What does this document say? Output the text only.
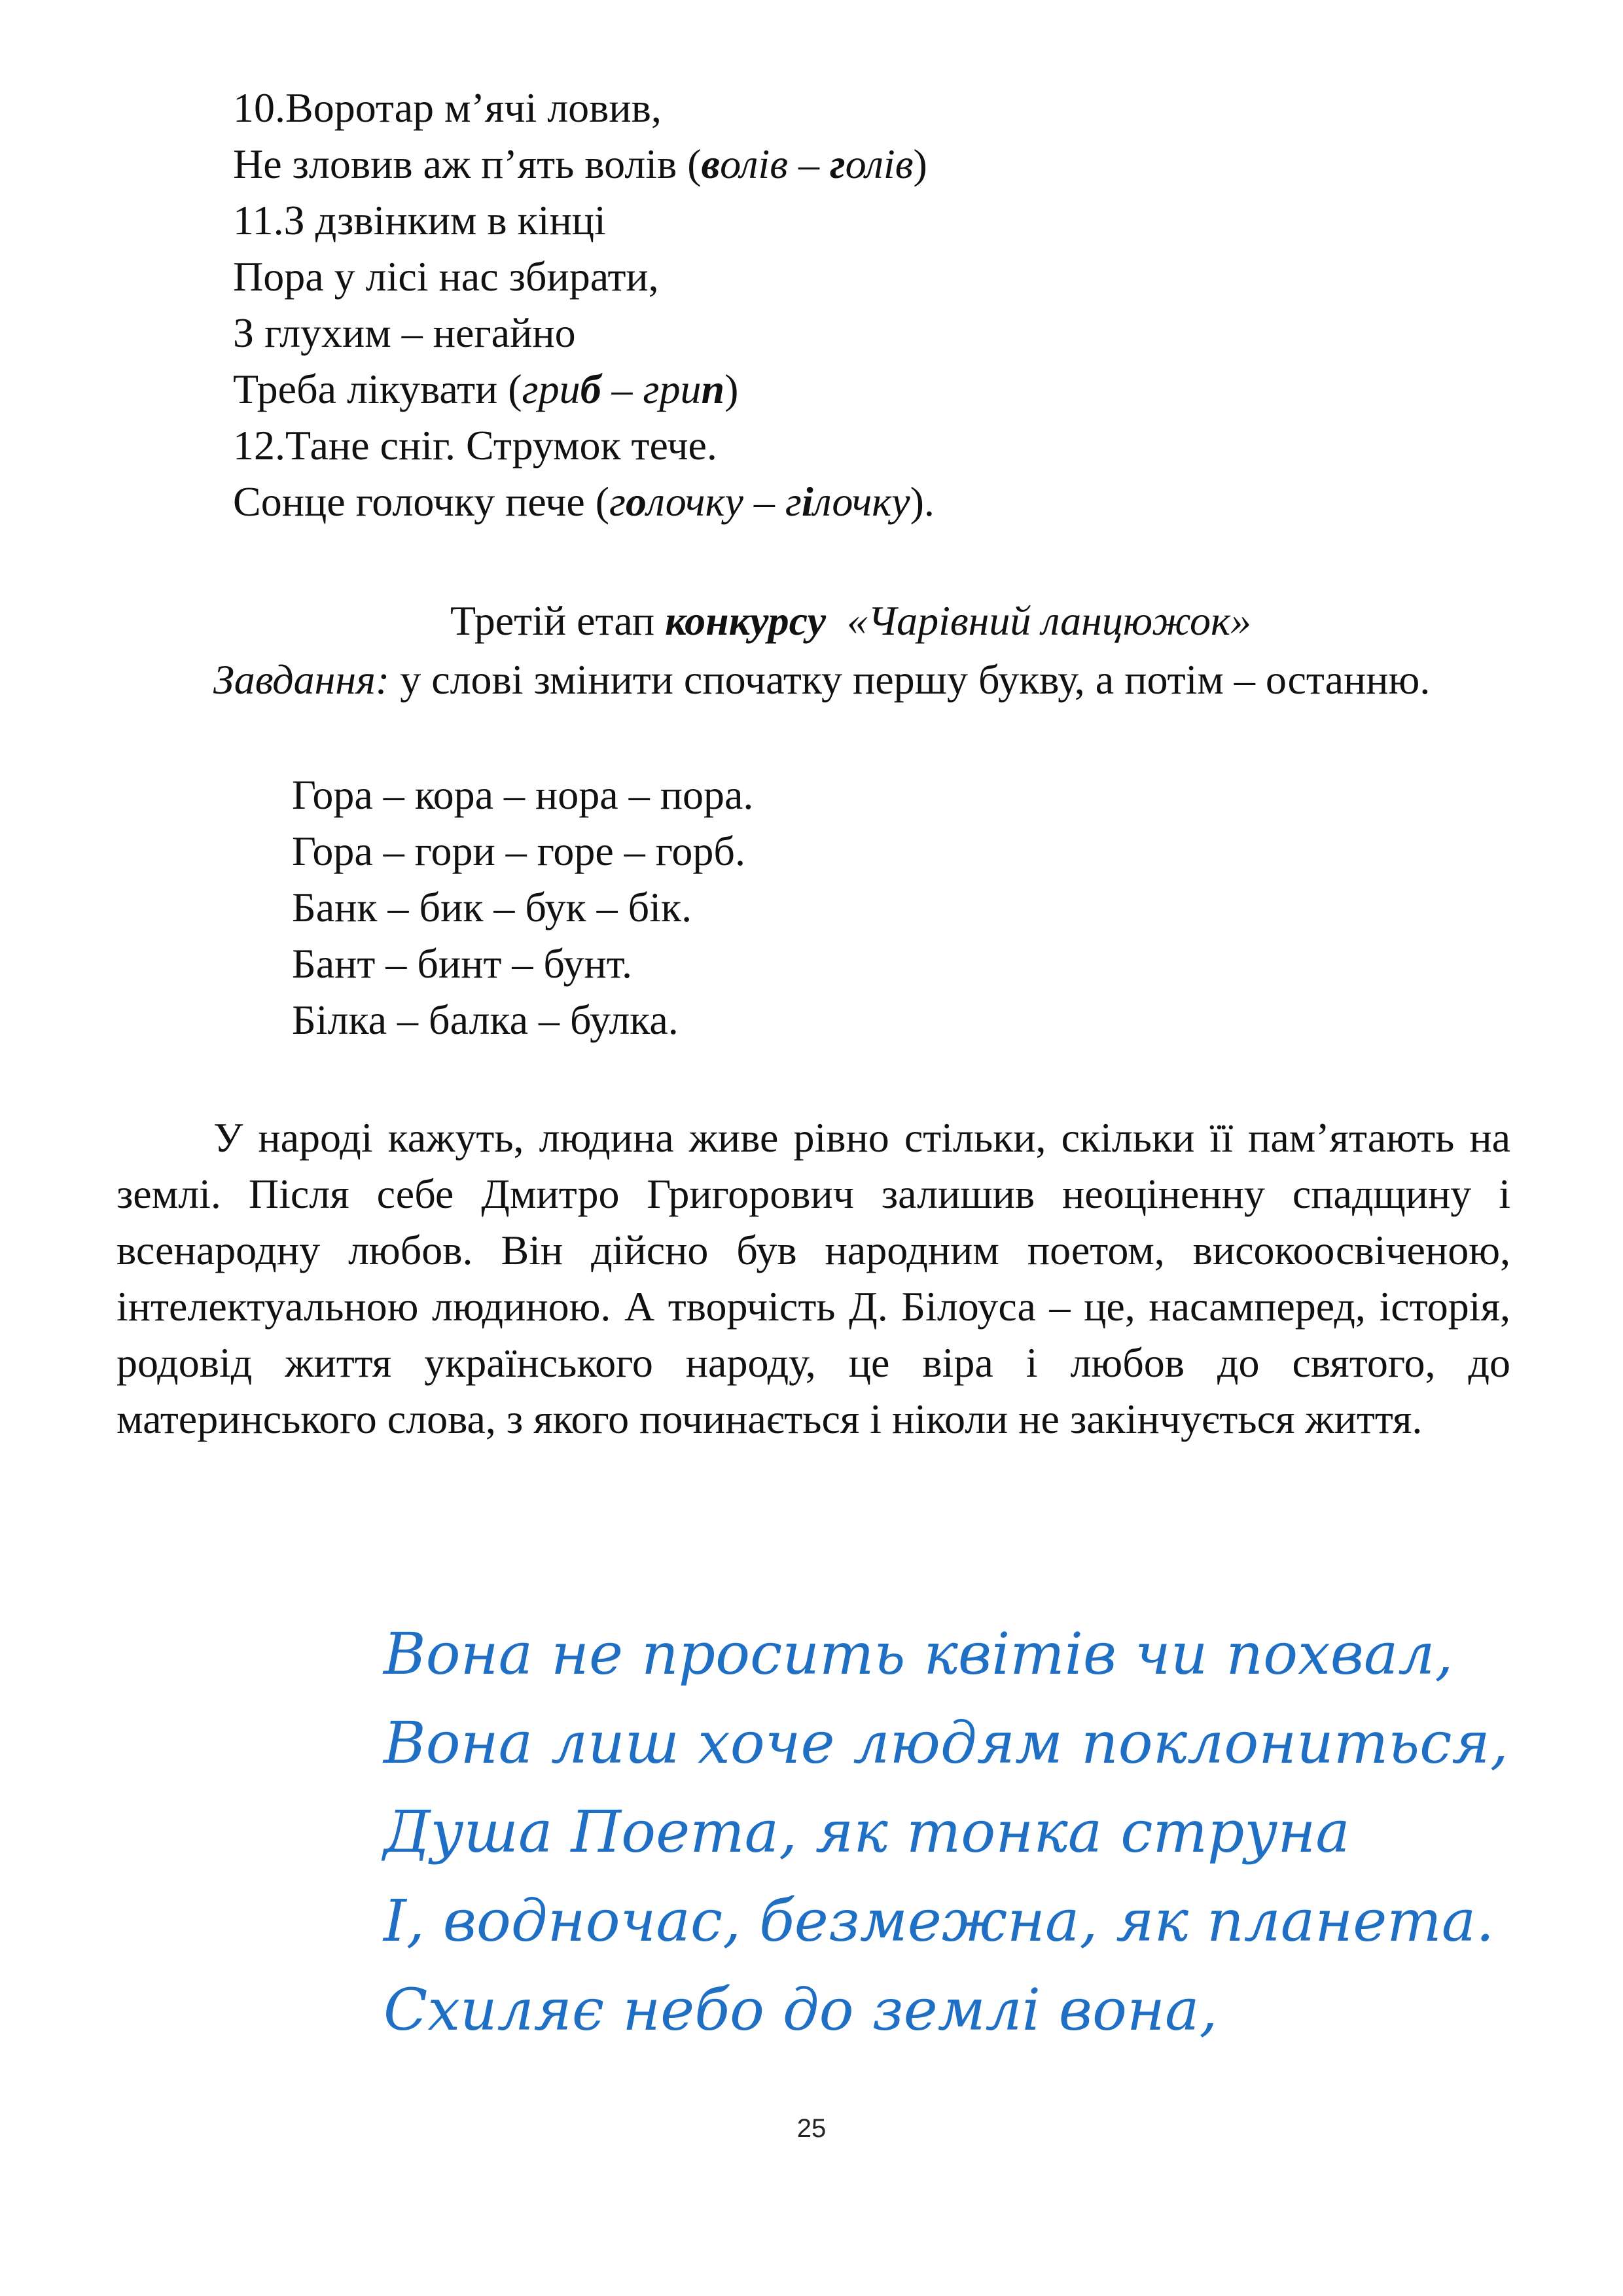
10.Воротар м’ячі ловив,
Не зловив аж п’ять волів (волів – голів)
11.З дзвінким в кінці
Пора у лісі нас збирати,
З глухим – негайно
Треба лікувати (гриб – грип)
12.Тане сніг. Струмок тече.
Сонце голочку пече (голочку – гілочку).
Третій етап конкурсу «Чарівний ланцюжок»
Завдання: у слові змінити спочатку першу букву, а потім – останню.
Гора – кора – нора – пора.
Гора – гори – горе – горб.
Банк – бик – бук – бік.
Бант – бинт – бунт.
Білка – балка – булка.
У народі кажуть, людина живе рівно стільки, скільки її пам’ятають на землі. Після себе Дмитро Григорович залишив неоціненну спадщину і всенародну любов. Він дійсно був народним поетом, високоосвіченою, інтелектуальною людиною. А творчість Д. Білоуса – це, насамперед, історія, родовід життя українського народу, це віра і любов до святого, до материнського слова, з якого починається і ніколи не закінчується життя.
Вона не просить квітів чи похвал,
Вона лиш хоче людям поклониться,
Душа Поета, як тонка струна
І, водночас, безмежна, як планета.
Схиляє небо до землі вона,
25
